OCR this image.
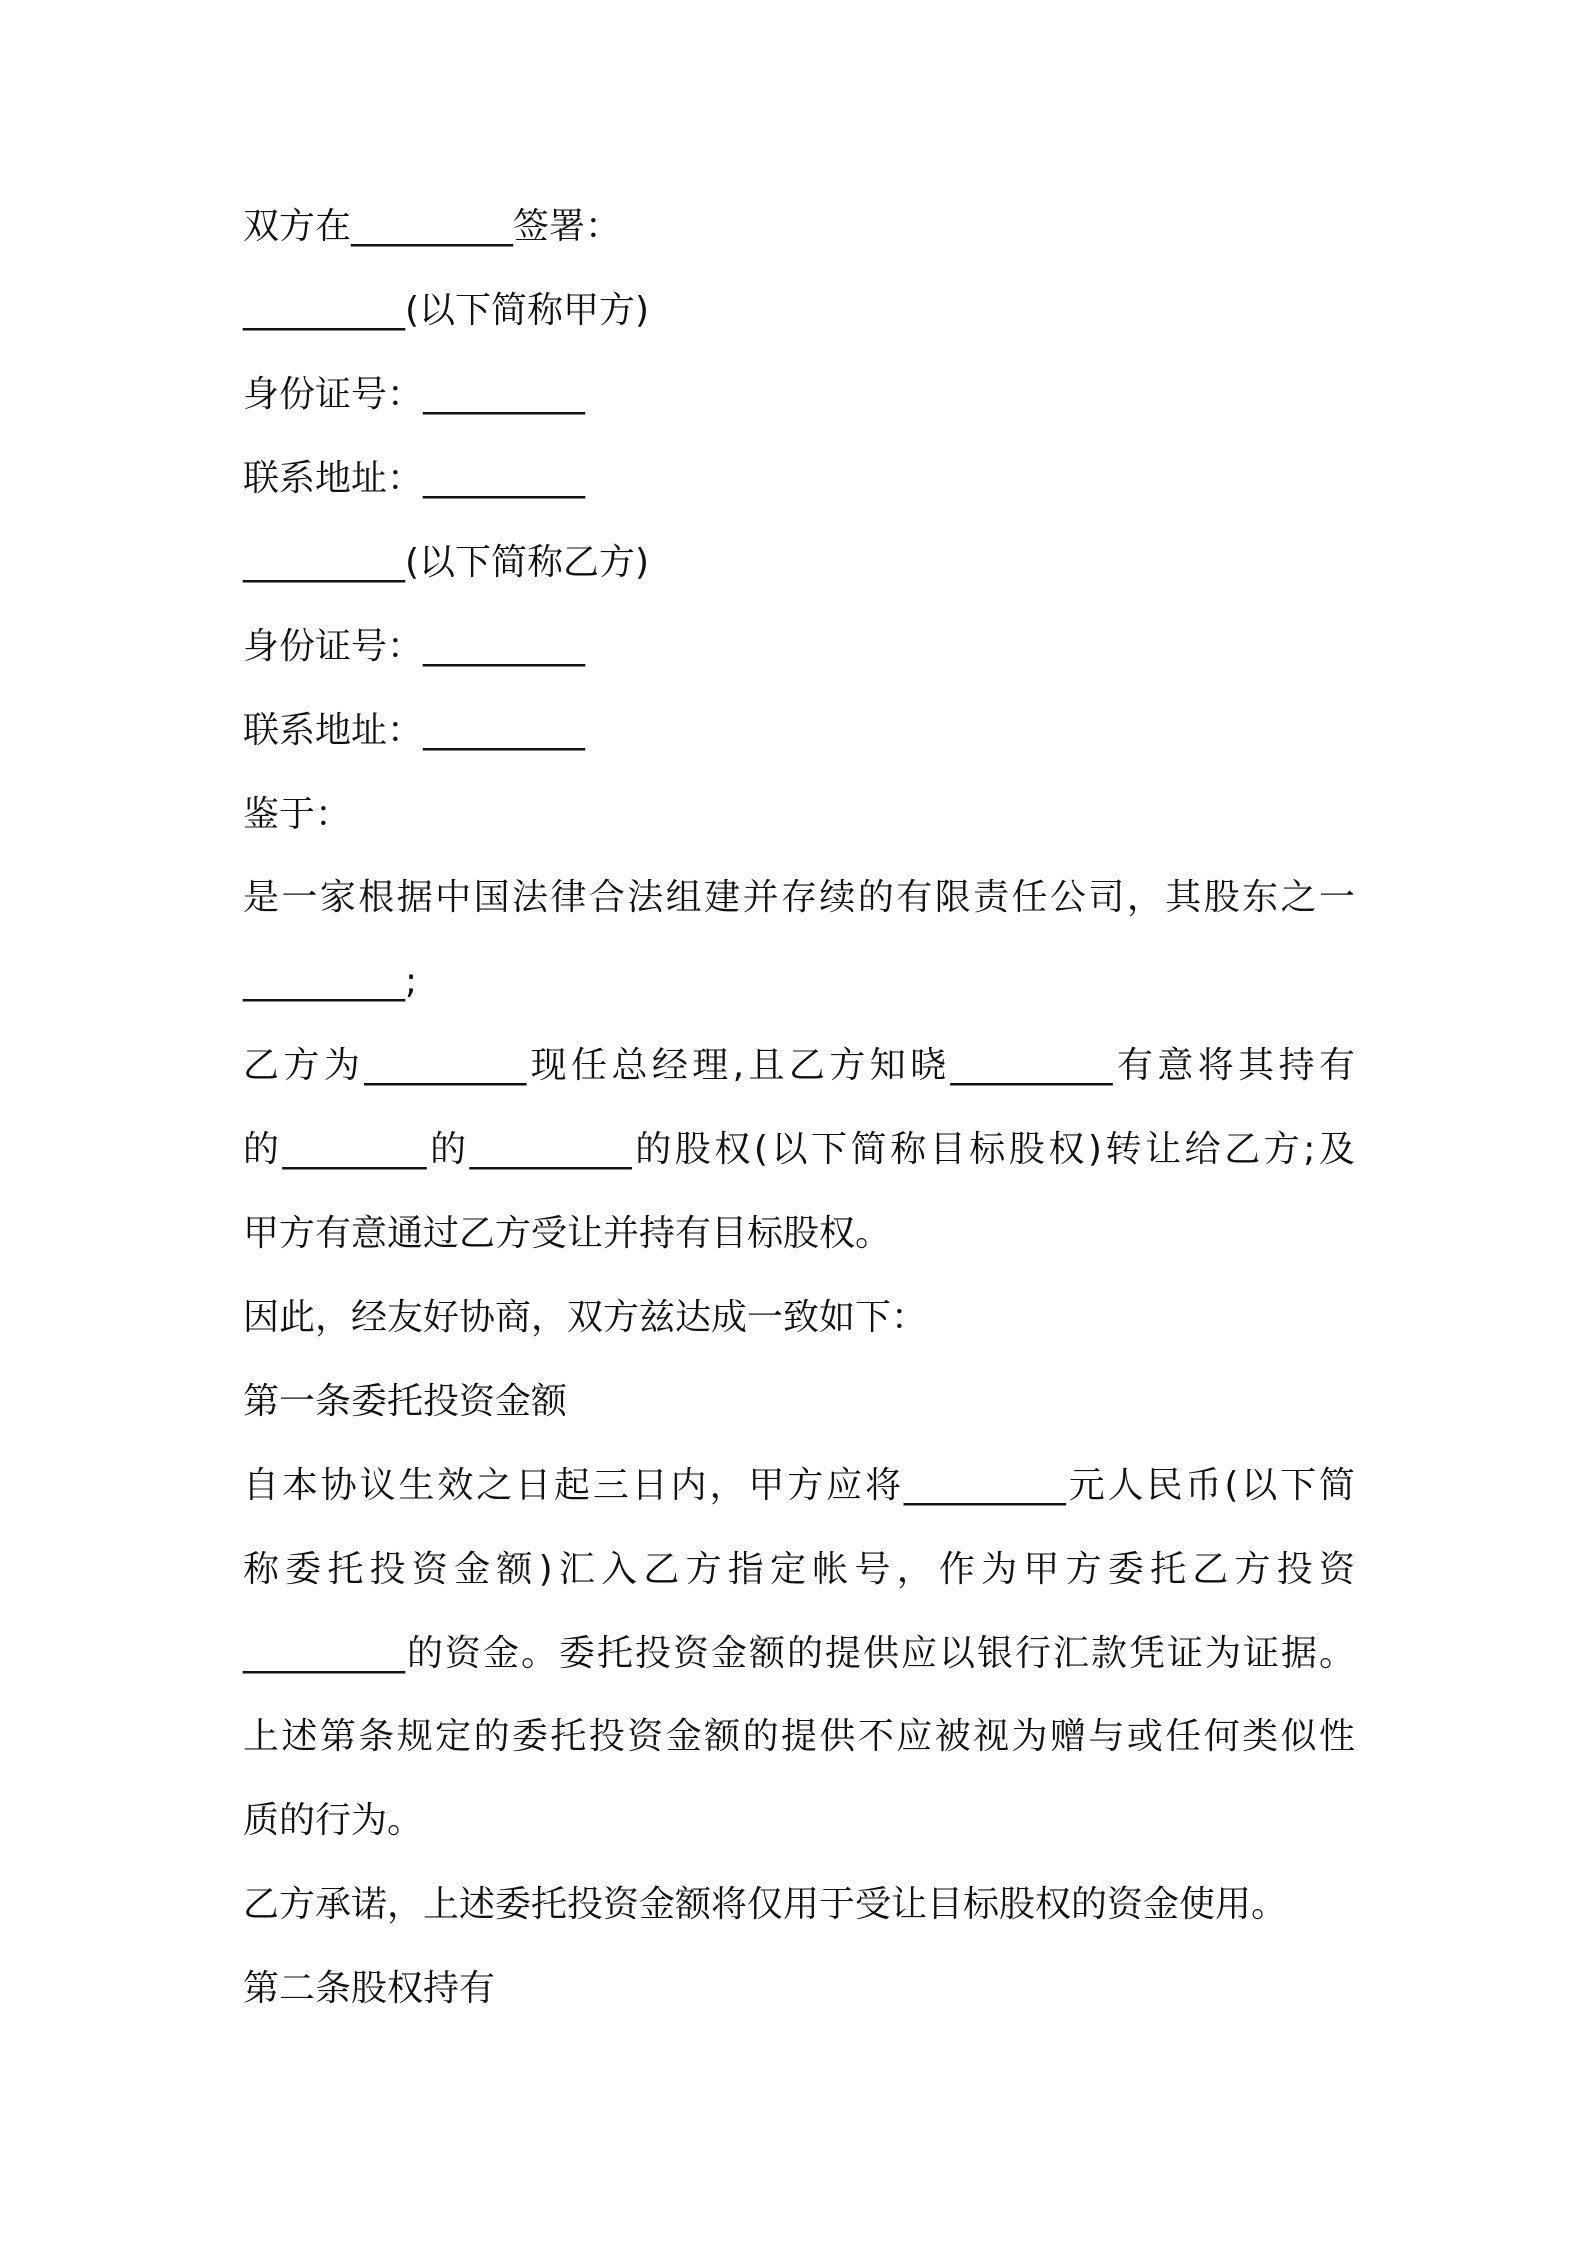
双方在_________签署：

_________(以下简称甲方)

身份证号：_________

联系地址：_________

_________(以下简称乙方)

身份证号：_________

联系地址：_________

鉴于：

是一家根据中国法律合法组建并存续的有限责任公司，其股东之一

_________;

乙方为_________现任总经理,且乙方知晓_________有意将其持有

的________的_________的股权(以下简称目标股权)转让给乙方;及

甲方有意通过乙方受让并持有目标股权。

因此，经友好协商，双方兹达成一致如下：

第一条委托投资金额

自本协议生效之日起三日内，甲方应将_________元人民币(以下简

称委托投资金额)汇入乙方指定帐号，作为甲方委托乙方投资

_________的资金。委托投资金额的提供应以银行汇款凭证为证据。

上述第条规定的委托投资金额的提供不应被视为赠与或任何类似性

质的行为。

乙方承诺，上述委托投资金额将仅用于受让目标股权的资金使用。

第二条股权持有
